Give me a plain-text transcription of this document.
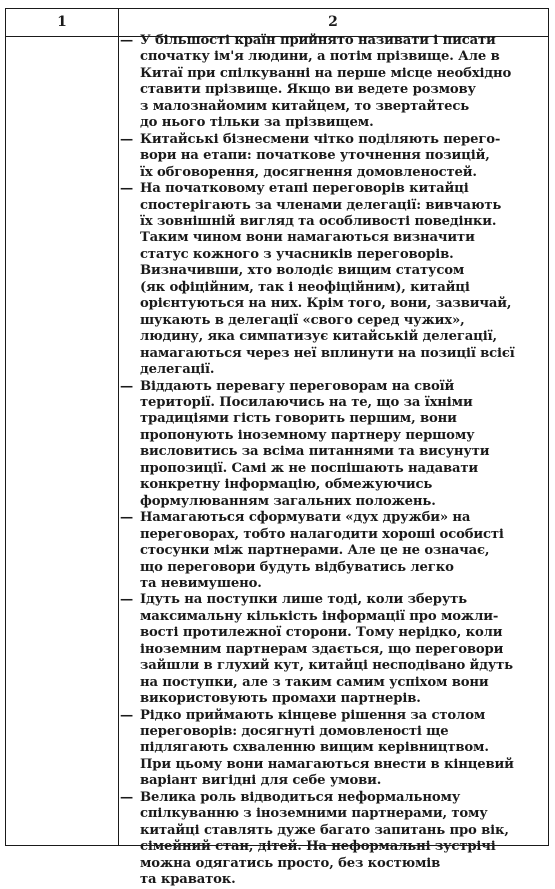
1	2
— У більшості країн прийнято називати і писати
спочатку ім'я людини, а потім прізвище. Але в
Китаї при спілкуванні на перше місце необхідно
ставити прізвище. Якщо ви ведете розмову
з малознайомим китайцем, то звертайтесь
до нього тільки за прізвищем.
— Китайські бізнесмени чітко поділяють перего-
вори на етапи: початкове уточнення позицій,
їх обговорення, досягнення домовленостей.
— На початковому етапі переговорів китайці
спостерігають за членами делегації: вивчають
їх зовнішній вигляд та особливості поведінки.
Таким чином вони намагаються визначити
статус кожного з учасників переговорів.
Визначивши, хто володіє вищим статусом
(як офіційним, так і неофіційним), китайці
орієнтуються на них. Крім того, вони, зазвичай,
шукають в делегації «свого серед чужих»,
людину, яка симпатизує китайській делегації,
намагаються через неї вплинути на позиції всієї
делегації.
— Віддають перевагу переговорам на своїй
території. Посилаючись на те, що за їхніми
традиціями гість говорить першим, вони
пропонують іноземному партнеру першому
висловитись за всіма питаннями та висунути
пропозиції. Самі ж не поспішають надавати
конкретну інформацію, обмежуючись
формулюванням загальних положень.
— Намагаються сформувати «дух дружби» на
переговорах, тобто налагодити хороші особисті
стосунки між партнерами. Але це не означає,
що переговори будуть відбуватись легко
та невимушено.
— Ідуть на поступки лише тоді, коли зберуть
максимальну кількість інформації про можли-
вості протилежної сторони. Тому нерідко, коли
іноземним партнерам здається, що переговори
зайшли в глухий кут, китайці несподівано йдуть
на поступки, але з таким самим успіхом вони
використовують промахи партнерів.
— Рідко приймають кінцеве рішення за столом
переговорів: досягнуті домовленості ще
підлягають схваленню вищим керівництвом.
При цьому вони намагаються внести в кінцевий
варіант вигідні для себе умови.
— Велика роль відводиться неформальному
спілкуванню з іноземними партнерами, тому
китайці ставлять дуже багато запитань про вік,
сімейний стан, дітей. На неформальні зустрічі
можна одягатись просто, без костюмів
та краваток.
